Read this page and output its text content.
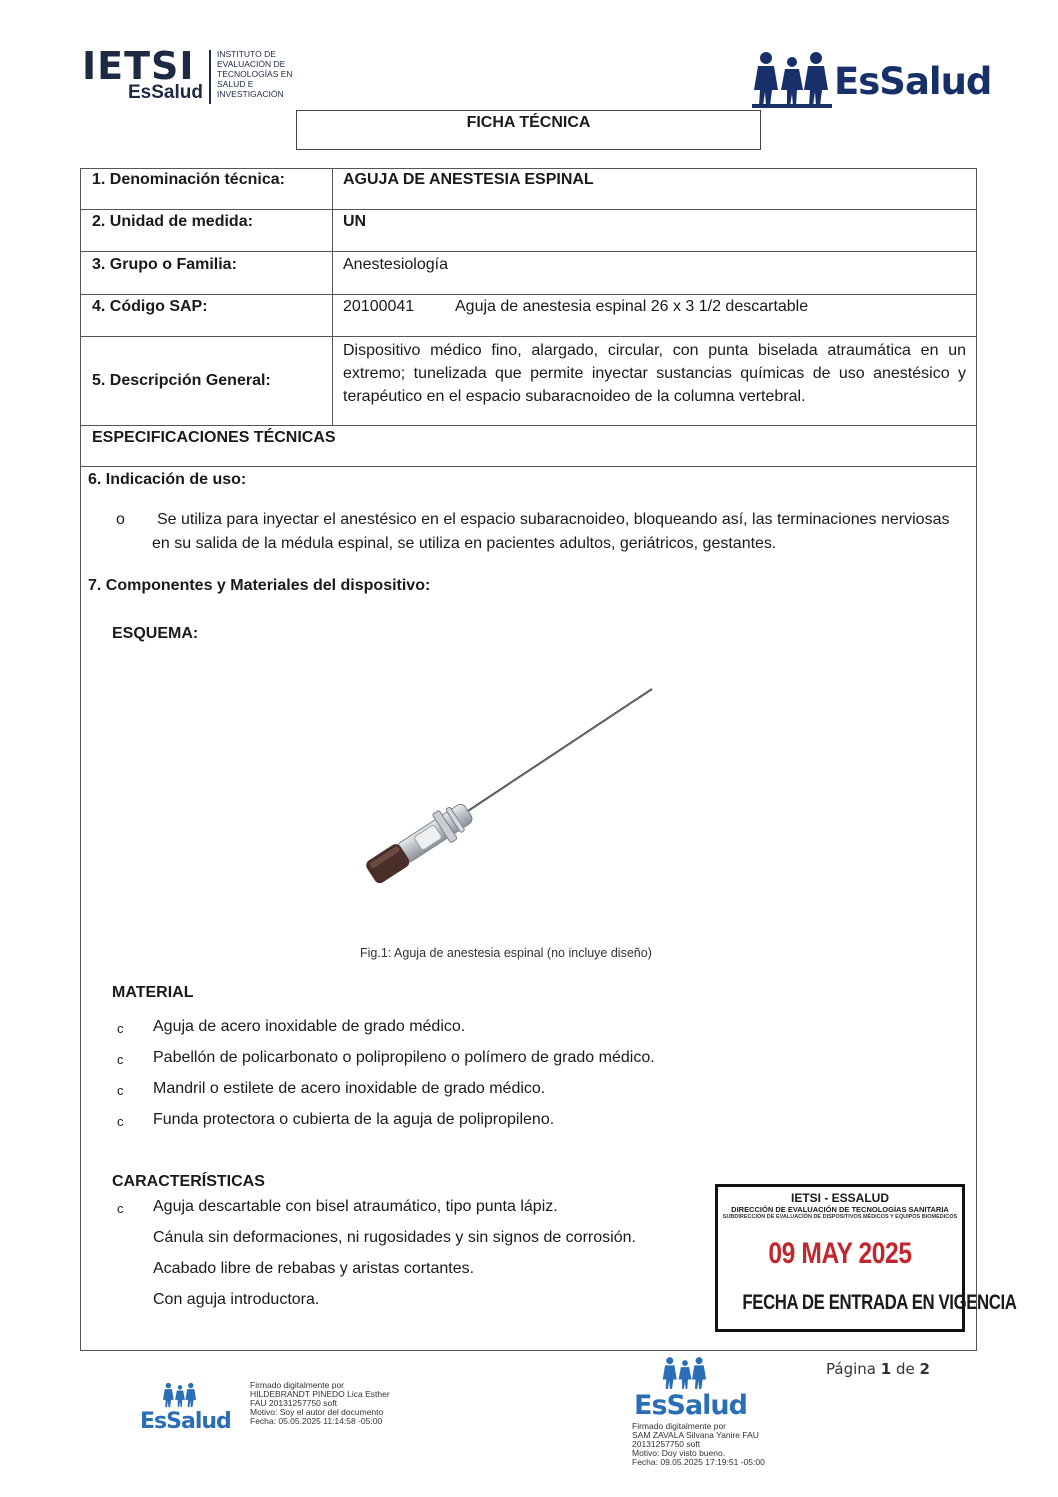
IETSI
EsSalud
INSTITUTO DE
EVALUACIÓN DE
TECNOLOGÍAS EN
SALUD E
INVESTIGACIÓN	EsSalud
FICHA TÉCNICA
1. Denominación técnica:	AGUJA DE ANESTESIA ESPINAL
2. Unidad de medida:	UN
3. Grupo o Familia:	Anestesiología
4. Código SAP:	20100041	Aguja de anestesia espinal 26 x 3 1/2 descartable
5. Descripción General:
Dispositivo médico fino, alargado, circular, con punta biselada atraumática en un extremo; tunelizada que permite inyectar sustancias químicas de uso anestésico y terapéutico en el espacio subaracnoideo de la columna vertebral.
ESPECIFICACIONES TÉCNICAS
6. Indicación de uso:
o	Se utiliza para inyectar el anestésico en el espacio subaracnoideo, bloqueando así, las terminaciones nerviosas en su salida de la médula espinal, se utiliza en pacientes adultos, geriátricos, gestantes.
7. Componentes y Materiales del dispositivo:
ESQUEMA:
Fig.1: Aguja de anestesia espinal (no incluye diseño)
MATERIAL
c Aguja de acero inoxidable de grado médico.
c Pabellón de policarbonato o polipropileno o polímero de grado médico.
c Mandril o estilete de acero inoxidable de grado médico.
c Funda protectora o cubierta de la aguja de polipropileno.
CARACTERÍSTICAS
c Aguja descartable con bisel atraumático, tipo punta lápiz.
Cánula sin deformaciones, ni rugosidades y sin signos de corrosión.
Acabado libre de rebabas y aristas cortantes.
Con aguja introductora.
IETSI - ESSALUD
DIRECCIÓN DE EVALUACIÓN DE TECNOLOGÍAS SANITARIA
SUBDIRECCIÓN DE EVALUACIÓN DE DISPOSITIVOS MÉDICOS Y EQUIPOS BIOMÉDICOS
09 MAY 2025
FECHA DE ENTRADA EN VIGENCIA
Página 1 de 2
EsSalud
Firmado digitalmente por
HILDEBRANDT PINEDO Lica Esther
FAU 20131257750 soft
Motivo: Soy el autor del documento
Fecha: 05.05.2025 11:14:58 -05:00	EsSalud
Firmado digitalmente por
SAM ZAVALA Silvana Yanire FAU
20131257750 soft
Motivo: Doy visto bueno.
Fecha: 09.05.2025 17:19:51 -05:00
